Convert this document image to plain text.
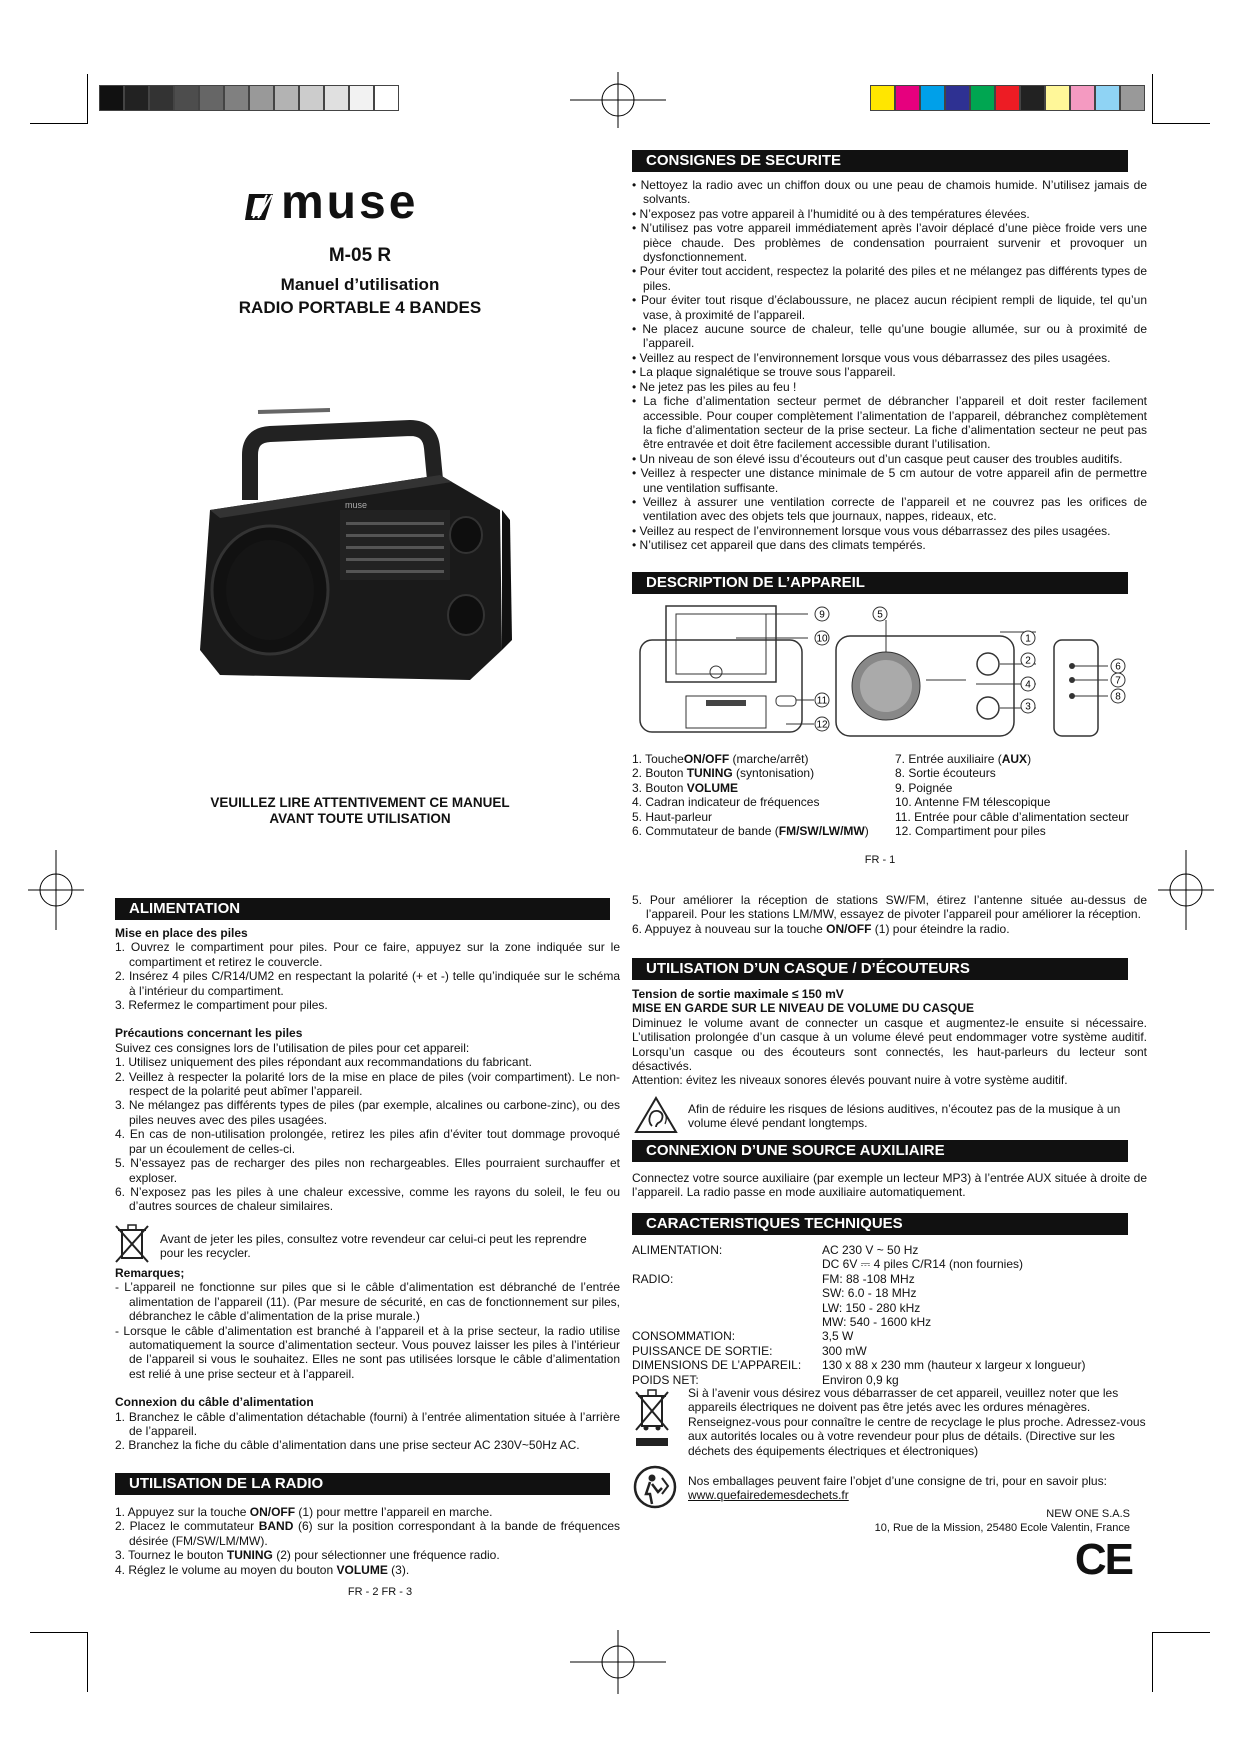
muse
M-05 R
Manuel d’utilisation
RADIO PORTABLE 4 BANDES
muse
VEUILLEZ LIRE ATTENTIVEMENT CE MANUEL
AVANT TOUTE UTILISATION
CONSIGNES DE SECURITE

• Nettoyez la radio avec un chiffon doux ou une peau de chamois humide. N’utilisez jamais de solvants.

• N’exposez pas votre appareil à l’humidité ou à des températures élevées.

• N’utilisez pas votre appareil immédiatement après l’avoir déplacé d’une pièce froide vers une pièce chaude. Des problèmes de condensation pourraient survenir et provoquer un dysfonctionnement.

• Pour éviter tout accident, respectez la polarité des piles et ne mélangez pas différents types de piles.

• Pour éviter tout risque d’éclaboussure, ne placez aucun récipient rempli de liquide, tel qu’un vase, à proximité de l’appareil.

• Ne placez aucune source de chaleur, telle qu’une bougie allumée, sur ou à proximité de l’appareil.

• Veillez au respect de l’environnement lorsque vous vous débarrassez des piles usagées.

• La plaque signalétique se trouve sous l’appareil.

• Ne jetez pas les piles au feu !

• La fiche d’alimentation secteur permet de débrancher l’appareil et doit rester facilement accessible. Pour couper complètement l’alimentation de l’appareil, débranchez complètement la fiche d’alimentation secteur de la prise secteur. La fiche d’alimentation secteur ne peut pas être entravée et doit être facilement accessible durant l’utilisation.

• Un niveau de son élevé issu d’écouteurs out d’un casque peut causer des troubles auditifs.

• Veillez à respecter une distance minimale de 5 cm autour de votre appareil afin de permettre une ventilation suffisante.

• Veillez à assurer une ventilation correcte de l’appareil et ne couvrez pas les orifices de ventilation avec des objets tels que journaux, nappes, rideaux, etc.

• Veillez au respect de l’environnement lorsque vous vous débarrassez des piles usagées.

• N’utilisez cet appareil que dans des climats tempérés.

DESCRIPTION DE L’APPAREIL
1
2
3
4
5
6
7
8
9
10
11
12

1. ToucheON/OFF (marche/arrêt)

2. Bouton TUNING (syntonisation)

3. Bouton VOLUME

4. Cadran indicateur de fréquences

5. Haut-parleur

6. Commutateur de bande (FM/SW/LW/MW)

7. Entrée auxiliaire (AUX)

8. Sortie écouteurs

9. Poignée

10. Antenne FM télescopique

11. Entrée pour câble d’alimentation secteur

12. Compartiment pour piles

FR - 1
ALIMENTATION

Mise en place des piles

1. Ouvrez le compartiment pour piles. Pour ce faire, appuyez sur la zone indiquée sur le compartiment et retirez le couvercle.

2. Insérez 4 piles C/R14/UM2 en respectant la polarité (+ et -) telle qu’indiquée sur le schéma à l’intérieur du compartiment.

3. Refermez le compartiment pour piles.

Précautions concernant les piles

Suivez ces consignes lors de l’utilisation de piles pour cet appareil:

1. Utilisez uniquement des piles répondant aux recommandations du fabricant.

2. Veillez à respecter la polarité lors de la mise en place de piles (voir compartiment). Le non-respect de la polarité peut abîmer l’appareil.

3. Ne mélangez pas différents types de piles (par exemple, alcalines ou carbone-zinc), ou des piles neuves avec des piles usagées.

4. En cas de non-utilisation prolongée, retirez les piles afin d’éviter tout dommage provoqué par un écoulement de celles-ci.

5. N’essayez pas de recharger des piles non rechargeables. Elles pourraient surchauffer et exploser.

6. N’exposez pas les piles à une chaleur excessive, comme les rayons du soleil, le feu ou d’autres sources de chaleur similaires.

Avant de jeter les piles, consultez votre revendeur car celui-ci peut les reprendre pour les recycler.

Remarques;

- L’appareil ne fonctionne sur piles que si le câble d’alimentation est débranché de l’entrée alimentation de l’appareil (11). (Par mesure de sécurité, en cas de fonctionnement sur piles, débranchez le câble d’alimentation de la prise murale.)

- Lorsque le câble d’alimentation est branché à l’appareil et à la prise secteur, la radio utilise automatiquement la source d’alimentation secteur. Vous pouvez laisser les piles à l’intérieur de l’appareil si vous le souhaitez. Elles ne sont pas utilisées lorsque le câble d’alimentation est relié à une prise secteur et à l’appareil.

Connexion du câble d’alimentation

1. Branchez le câble d’alimentation détachable (fourni) à l’entrée alimentation située à l’arrière de l’appareil.

2. Branchez la fiche du câble d’alimentation dans une prise secteur AC 230V~50Hz AC.

UTILISATION DE LA RADIO

1. Appuyez sur la touche ON/OFF (1) pour mettre l’appareil en marche.

2. Placez le commutateur BAND (6) sur la position correspondant à la bande de fréquences désirée (FM/SW/LM/MW).

3. Tournez le bouton TUNING (2) pour sélectionner une fréquence radio.

4. Réglez le volume au moyen du bouton VOLUME (3).

FR - 2 FR - 3

5. Pour améliorer la réception de stations SW/FM, étirez l’antenne située au-dessus de l’appareil. Pour les stations LM/MW, essayez de pivoter l’appareil pour améliorer la réception.

6. Appuyez à nouveau sur la touche ON/OFF (1) pour éteindre la radio.

UTILISATION D’UN CASQUE / D’ÉCOUTEURS

Tension de sortie maximale ≤ 150 mV

MISE EN GARDE SUR LE NIVEAU DE VOLUME DU CASQUE

Diminuez le volume avant de connecter un casque et augmentez-le ensuite si nécessaire. L’utilisation prolongée d’un casque à un volume élevé peut endommager votre système auditif. Lorsqu’un casque ou des écouteurs sont connectés, les haut-parleurs du lecteur sont désactivés.

Attention: évitez les niveaux sonores élevés pouvant nuire à votre système auditif.

Afin de réduire les risques de lésions auditives, n’écoutez pas de la musique à un volume élevé pendant longtemps.
CONNEXION D’UNE SOURCE AUXILIAIRE
Connectez votre source auxiliaire (par exemple un lecteur MP3) à l’entrée AUX située à droite de l’appareil. La radio passe en mode auxiliaire automatiquement.
CARACTERISTIQUES TECHNIQUES
ALIMENTATION:	AC 230 V ~ 50 Hz
DC 6V ⎓ 4 piles C/R14 (non fournies)
RADIO:	FM: 88 -108 MHz
SW: 6.0 - 18 MHz
LW: 150 - 280 kHz
MW: 540 - 1600 kHz
CONSOMMATION:	3,5 W
PUISSANCE DE SORTIE:	300 mW
DIMENSIONS DE L’APPAREIL:	130 x 88 x 230 mm (hauteur x largeur x longueur)
POIDS NET:	Environ 0,9 kg
Si à l’avenir vous désirez vous débarrasser de cet appareil, veuillez noter que les appareils électriques ne doivent pas être jetés avec les ordures ménagères. Renseignez-vous pour connaître le centre de recyclage le plus proche. Adressez-vous aux autorités locales ou à votre revendeur pour plus de détails. (Directive sur les déchets des équipements électriques et électroniques)

Nos emballages peuvent faire l’objet d’une consigne de tri, pour en savoir plus:

www.quefairedemesdechets.fr

NEW ONE S.A.S

10, Rue de la Mission, 25480 Ecole Valentin, France

CE
